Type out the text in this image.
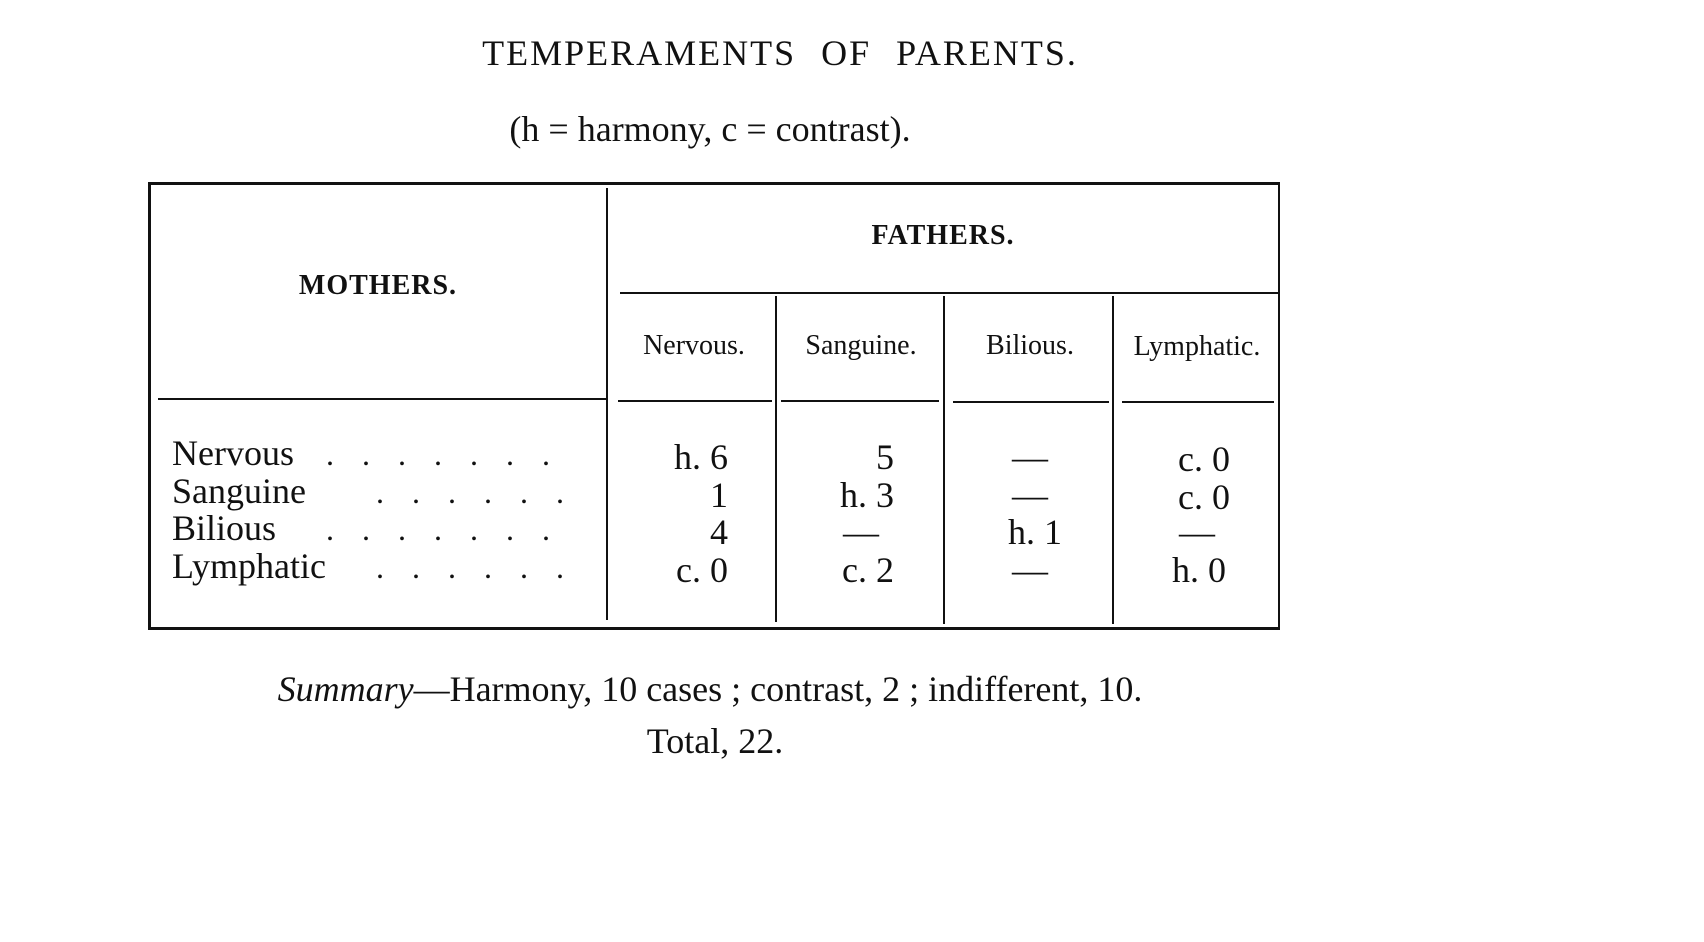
TEMPERAMENTS OF PARENTS.
(h = harmony, c = contrast).
MOTHERS.
FATHERS.
Nervous.	Sanguine.	Bilious.	Lymphatic.
Nervous . . . . . . .	h. 6	5	—	c. 0
Sanguine . . . . . .	1	h. 3	—	c. 0
Bilious . . . . . . .	4	—	h. 1	—
Lymphatic . . . . . .	c. 0	c. 2	—	h. 0
Summary—Harmony, 10 cases ; contrast, 2 ; indifferent, 10.
Total, 22.
